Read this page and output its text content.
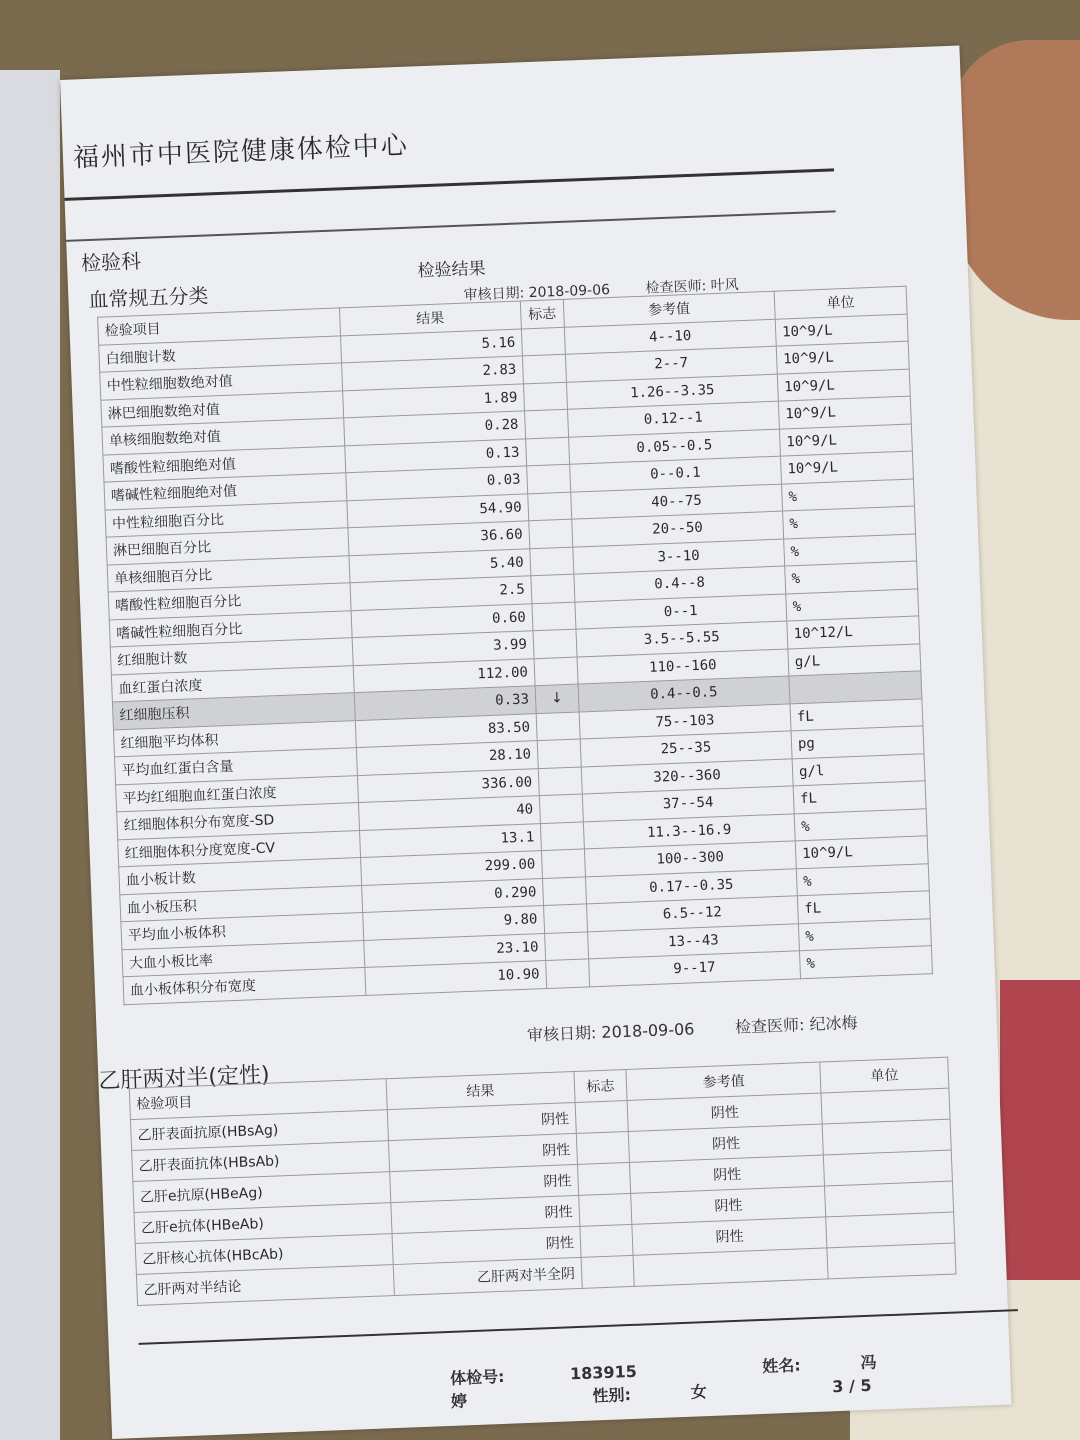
福州市中医院健康体检中心
检验科
血常规五分类
检验结果
审核日期: 2018-09-06 检查医师: 叶风
检验项目	结果	标志	参考值	单位
白细胞计数	5.16		4--10	10^9/L
中性粒细胞数绝对值	2.83		2--7	10^9/L
淋巴细胞数绝对值	1.89		1.26--3.35	10^9/L
单核细胞数绝对值	0.28		0.12--1	10^9/L
嗜酸性粒细胞绝对值	0.13		0.05--0.5	10^9/L
嗜碱性粒细胞绝对值	0.03		0--0.1	10^9/L
中性粒细胞百分比	54.90		40--75	%
淋巴细胞百分比	36.60		20--50	%
单核细胞百分比	5.40		3--10	%
嗜酸性粒细胞百分比	2.5		0.4--8	%
嗜碱性粒细胞百分比	0.60		0--1	%
红细胞计数	3.99		3.5--5.55	10^12/L
血红蛋白浓度	112.00		110--160	g/L
红细胞压积	0.33	↓	0.4--0.5	
红细胞平均体积	83.50		75--103	fL
平均血红蛋白含量	28.10		25--35	pg
平均红细胞血红蛋白浓度	336.00		320--360	g/l
红细胞体积分布宽度-SD	40		37--54	fL
红细胞体积分度宽度-CV	13.1		11.3--16.9	%
血小板计数	299.00		100--300	10^9/L
血小板压积	0.290		0.17--0.35	%
平均血小板体积	9.80		6.5--12	fL
大血小板比率	23.10		13--43	%
血小板体积分布宽度	10.90		9--17	%
审核日期: 2018-09-06 检查医师: 纪冰梅
乙肝两对半(定性)
检验项目	结果	标志	参考值	单位
乙肝表面抗原(HBsAg)	阴性		阴性	
乙肝表面抗体(HBsAb)	阴性		阴性	
乙肝e抗原(HBeAg)	阴性		阴性	
乙肝e抗体(HBeAb)	阴性		阴性	
乙肝核心抗体(HBcAb)	阴性		阴性	
乙肝两对半结论	乙肝两对半全阴			
体检号:	183915	姓名:	冯婷	性别:	女	3 / 5
